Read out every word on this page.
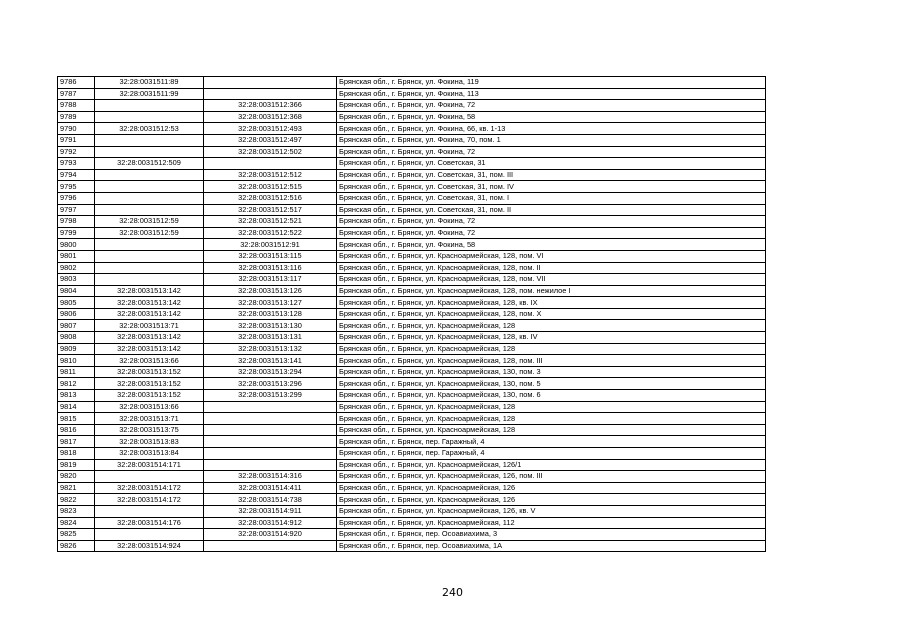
9786	32:28:0031511:89		Брянская обл., г. Брянск, ул. Фокина, 119
9787	32:28:0031511:99		Брянская обл., г. Брянск, ул. Фокина, 113
9788		32:28:0031512:366	Брянская обл., г. Брянск, ул. Фокина, 72
9789		32:28:0031512:368	Брянская обл., г. Брянск, ул. Фокина, 58
9790	32:28:0031512:53	32:28:0031512:493	Брянская обл., г. Брянск, ул. Фокина, 66, кв. 1-13
9791		32:28:0031512:497	Брянская обл., г. Брянск, ул. Фокина, 70, пом. 1
9792		32:28:0031512:502	Брянская обл., г. Брянск, ул. Фокина, 72
9793	32:28:0031512:509		Брянская обл., г. Брянск, ул. Советская, 31
9794		32:28:0031512:512	Брянская обл., г. Брянск, ул. Советская, 31, пом. III
9795		32:28:0031512:515	Брянская обл., г. Брянск, ул. Советская, 31, пом. IV
9796		32:28:0031512:516	Брянская обл., г. Брянск, ул. Советская, 31, пом. I
9797		32:28:0031512:517	Брянская обл., г. Брянск, ул. Советская, 31, пом. II
9798	32:28:0031512:59	32:28:0031512:521	Брянская обл., г. Брянск, ул. Фокина, 72
9799	32:28:0031512:59	32:28:0031512:522	Брянская обл., г. Брянск, ул. Фокина, 72
9800		32:28:0031512:91	Брянская обл., г. Брянск, ул. Фокина, 58
9801		32:28:0031513:115	Брянская обл., г. Брянск, ул. Красноармейская, 128, пом. VI
9802		32:28:0031513:116	Брянская обл., г. Брянск, ул. Красноармейская, 128, пом. II
9803		32:28:0031513:117	Брянская обл., г. Брянск, ул. Красноармейская, 128, пом. VII
9804	32:28:0031513:142	32:28:0031513:126	Брянская обл., г. Брянск, ул. Красноармейская, 128, пом. нежилое I
9805	32:28:0031513:142	32:28:0031513:127	Брянская обл., г. Брянск, ул. Красноармейская, 128, кв. IX
9806	32:28:0031513:142	32:28:0031513:128	Брянская обл., г. Брянск, ул. Красноармейская, 128, пом. X
9807	32:28:0031513:71	32:28:0031513:130	Брянская обл., г. Брянск, ул. Красноармейская, 128
9808	32:28:0031513:142	32:28:0031513:131	Брянская обл., г. Брянск, ул. Красноармейская, 128, кв. IV
9809	32:28:0031513:142	32:28:0031513:132	Брянская обл., г. Брянск, ул. Красноармейская, 128
9810	32:28:0031513:66	32:28:0031513:141	Брянская обл., г. Брянск, ул. Красноармейская, 128, пом. III
9811	32:28:0031513:152	32:28:0031513:294	Брянская обл., г. Брянск, ул. Красноармейская, 130, пом. 3
9812	32:28:0031513:152	32:28:0031513:296	Брянская обл., г. Брянск, ул. Красноармейская, 130, пом. 5
9813	32:28:0031513:152	32:28:0031513:299	Брянская обл., г. Брянск, ул. Красноармейская, 130, пом. 6
9814	32:28:0031513:66		Брянская обл., г. Брянск, ул. Красноармейская, 128
9815	32:28:0031513:71		Брянская обл., г. Брянск, ул. Красноармейская, 128
9816	32:28:0031513:75		Брянская обл., г. Брянск, ул. Красноармейская, 128
9817	32:28:0031513:83		Брянская обл., г. Брянск, пер. Гаражный, 4
9818	32:28:0031513:84		Брянская обл., г. Брянск, пер. Гаражный, 4
9819	32:28:0031514:171		Брянская обл., г. Брянск, ул. Красноармейская, 126/1
9820		32:28:0031514:316	Брянская обл., г. Брянск, ул. Красноармейская, 126, пом. III
9821	32:28:0031514:172	32:28:0031514:411	Брянская обл., г. Брянск, ул. Красноармейская, 126
9822	32:28:0031514:172	32:28:0031514:738	Брянская обл., г. Брянск, ул. Красноармейская, 126
9823		32:28:0031514:911	Брянская обл., г. Брянск, ул. Красноармейская, 126, кв. V
9824	32:28:0031514:176	32:28:0031514:912	Брянская обл., г. Брянск, ул. Красноармейская, 112
9825		32:28:0031514:920	Брянская обл., г. Брянск, пер. Осоавиахима, 3
9826	32:28:0031514:924		Брянская обл., г. Брянск, пер. Осоавиахима, 1А
240
